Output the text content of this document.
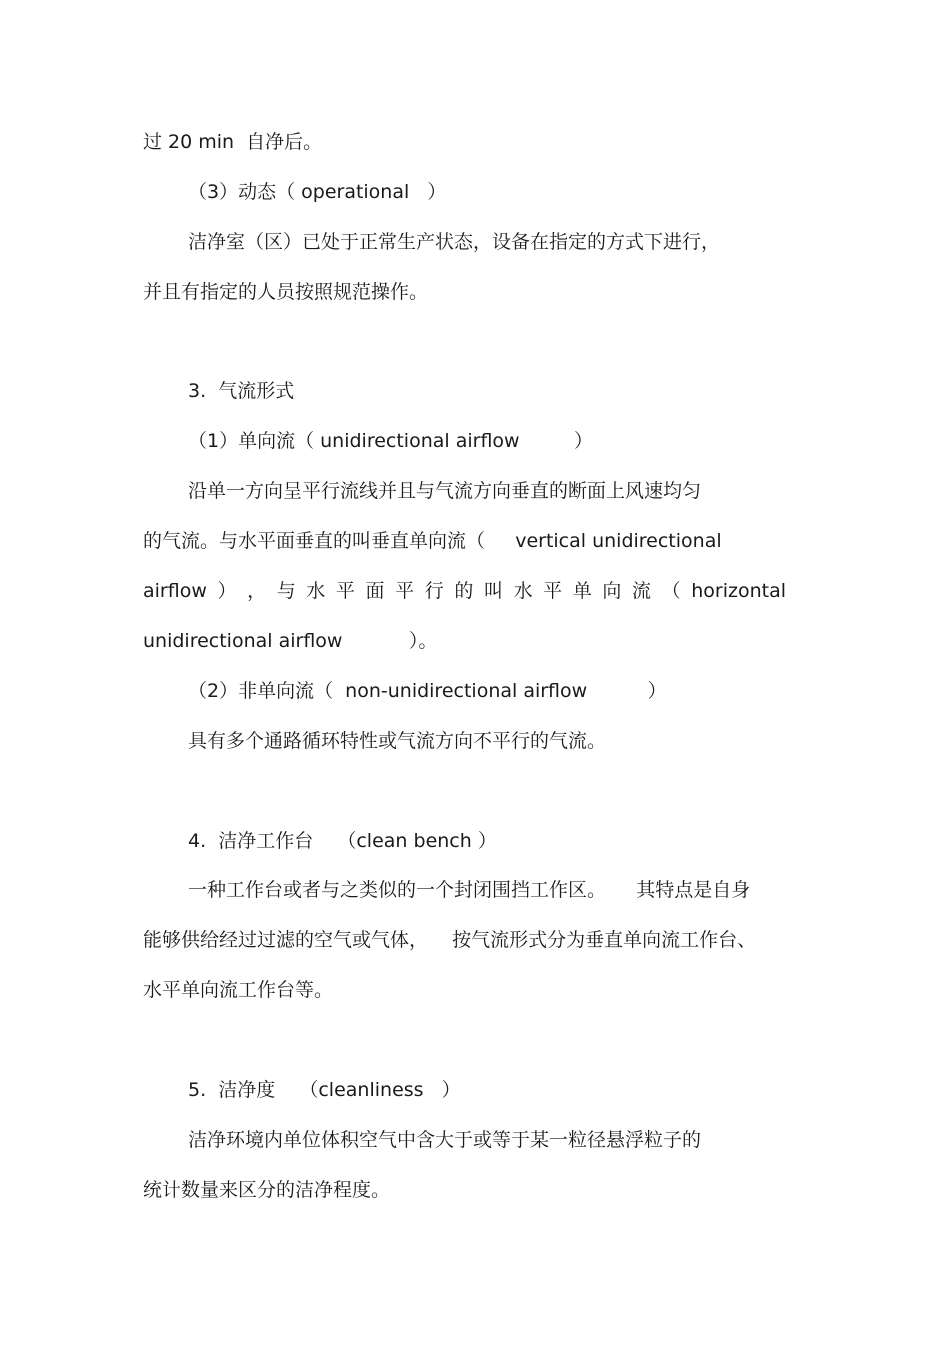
过 20 min  自净后。
（3）动态（ operational   ）
洁净室（区）已处于正常生产状态，设备在指定的方式下进行，
并且有指定的人员按照规范操作。
3.  气流形式
（1）单向流（ unidirectional airflow         ）
沿单一方向呈平行流线并且与气流方向垂直的断面上风速均匀
的气流。与水平面垂直的叫垂直单向流（     vertical unidirectional
airflow ） ， 与 水 平 面 平 行 的 叫 水 平 单 向 流 （ horizontal
unidirectional airflow           ）。
（2）非单向流（  non-unidirectional airflow          ）
具有多个通路循环特性或气流方向不平行的气流。
4.  洁净工作台    （clean bench ）
一种工作台或者与之类似的一个封闭围挡工作区。     其特点是自身
能够供给经过过滤的空气或气体，    按气流形式分为垂直单向流工作台、
水平单向流工作台等。
5.  洁净度    （cleanliness   ）
洁净环境内单位体积空气中含大于或等于某一粒径悬浮粒子的
统计数量来区分的洁净程度。
